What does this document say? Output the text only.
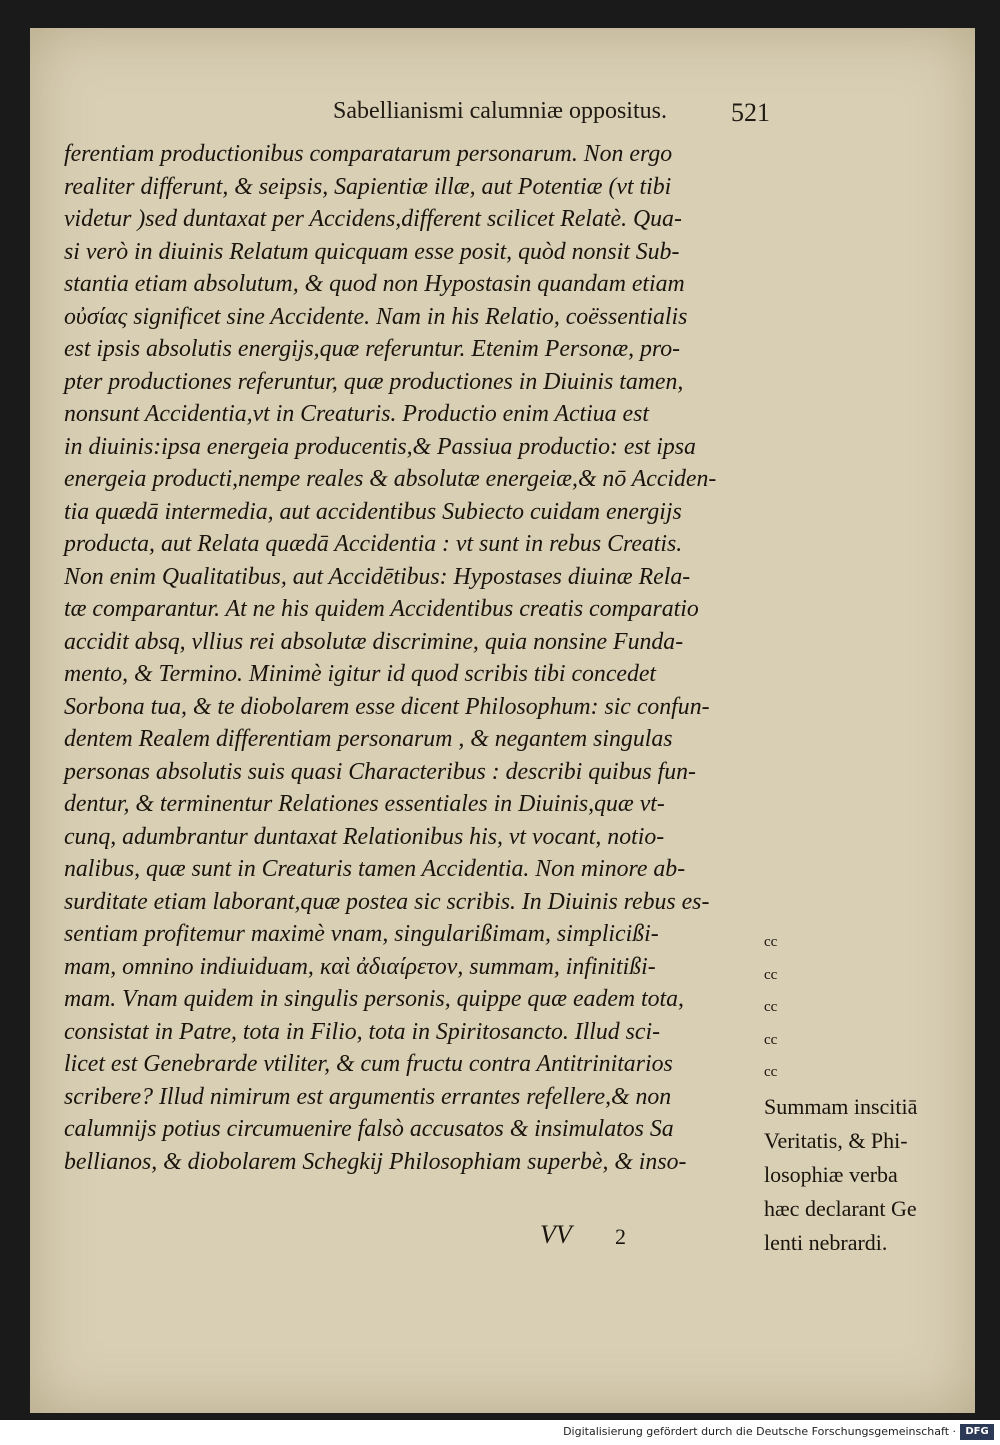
Sabellianismi calumniæ oppositus.	521
ferentiam productionibus comparatarum personarum. Non ergo
realiter differunt, & seipsis, Sapientiæ illæ, aut Potentiæ (vt tibi
videtur )sed duntaxat per Accidens,different scilicet Relatè. Qua-
si verò in diuinis Relatum quicquam esse posit, quòd nonsit Sub-
stantia etiam absolutum, & quod non Hypostasin quandam etiam
οὐσίας significet sine Accidente. Nam in his Relatio, coëssentialis
est ipsis absolutis energijs,quæ referuntur. Etenim Personæ, pro-
pter productiones referuntur, quæ productiones in Diuinis tamen,
nonsunt Accidentia,vt in Creaturis. Productio enim Actiua est
in diuinis:ipsa energeia producentis,& Passiua productio: est ipsa
energeia producti,nempe reales & absolutæ energeiæ,& nō Acciden-
tia quædā intermedia, aut accidentibus Subiecto cuidam energijs
producta, aut Relata quædā Accidentia : vt sunt in rebus Creatis.
Non enim Qualitatibus, aut Accidētibus: Hypostases diuinæ Rela-
tæ comparantur. At ne his quidem Accidentibus creatis comparatio
accidit absq, vllius rei absolutæ discrimine, quia nonsine Funda-
mento, & Termino. Minimè igitur id quod scribis tibi concedet
Sorbona tua, & te diobolarem esse dicent Philosophum: sic confun-
dentem Realem differentiam personarum , & negantem singulas
personas absolutis suis quasi Characteribus : describi quibus fun-
dentur, & terminentur Relationes essentiales in Diuinis,quæ vt-
cunq, adumbrantur duntaxat Relationibus his, vt vocant, notio-
nalibus, quæ sunt in Creaturis tamen Accidentia. Non minore ab-
surditate etiam laborant,quæ postea sic scribis. In Diuinis rebus es-
sentiam profitemur maximè vnam, singularißimam, simplicißi-
mam, omnino indiuiduam, καὶ ἀδιαίρετον, summam, infinitißi-
mam. Vnam quidem in singulis personis, quippe quæ eadem tota,
consistat in Patre, tota in Filio, tota in Spiritosancto. Illud sci-
licet est Genebrarde vtiliter, & cum fructu contra Antitrinitarios
scribere? Illud nimirum est argumentis errantes refellere,& non
calumnijs potius circumuenire falsò accusatos & insimulatos Sa
bellianos, & diobolarem Schegkij Philosophiam superbè, & inso-
cc
cc
cc
cc
cc
Summam inscitiā
Veritatis, & Phi-
losophiæ verba
hæc declarant Ge
lenti nebrardi.
VV 2
Digitalisierung gefördert durch die Deutsche Forschungsgemeinschaft · DFG
